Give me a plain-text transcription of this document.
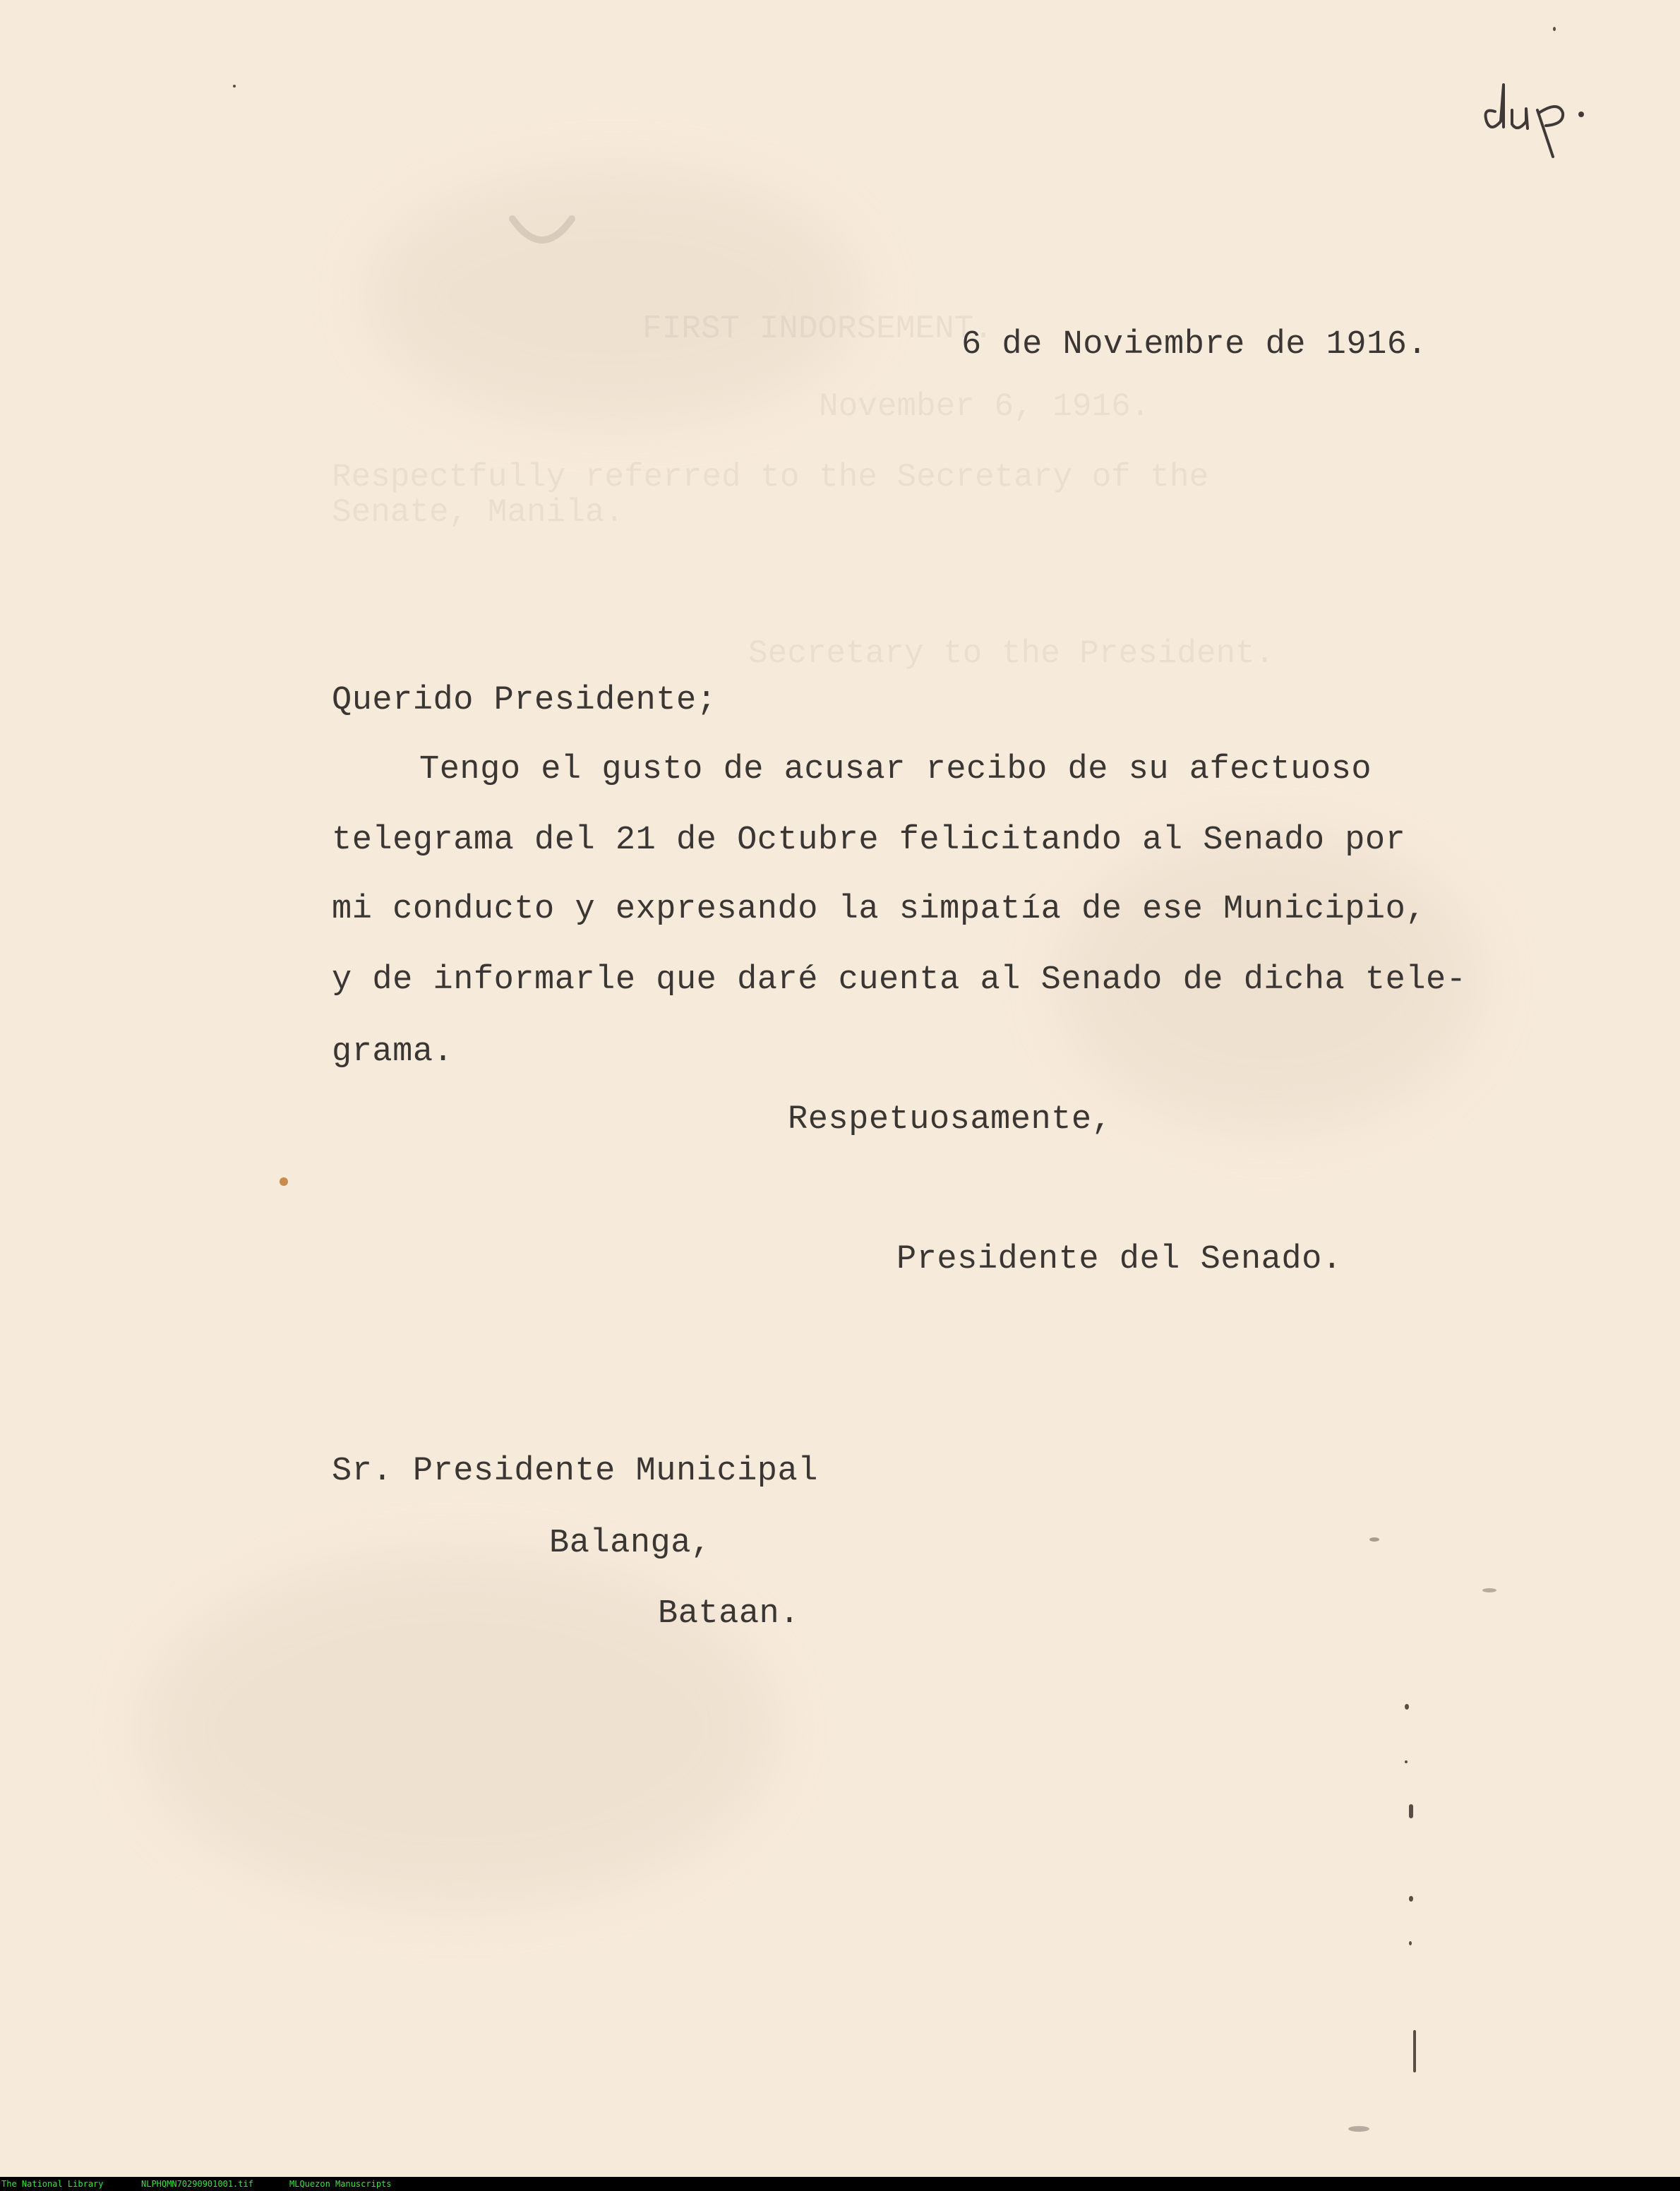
FIRST INDORSEMENT.
November 6, 1916.
Respectfully referred to the Secretary of the
Senate, Manila.
Secretary to the President.
6 de Noviembre de 1916.
Querido Presidente;
Tengo el gusto de acusar recibo de su afectuoso
telegrama del 21 de Octubre felicitando al Senado por
mi conducto y expresando la simpatía de ese Municipio,
y de informarle que daré cuenta al Senado de dicha tele-
grama.
Respetuosamente,
Presidente del Senado.
Sr. Presidente Municipal
Balanga,
Bataan.
The National Library	NLPHQMN70290901001.tif	MLQuezon Manuscripts
